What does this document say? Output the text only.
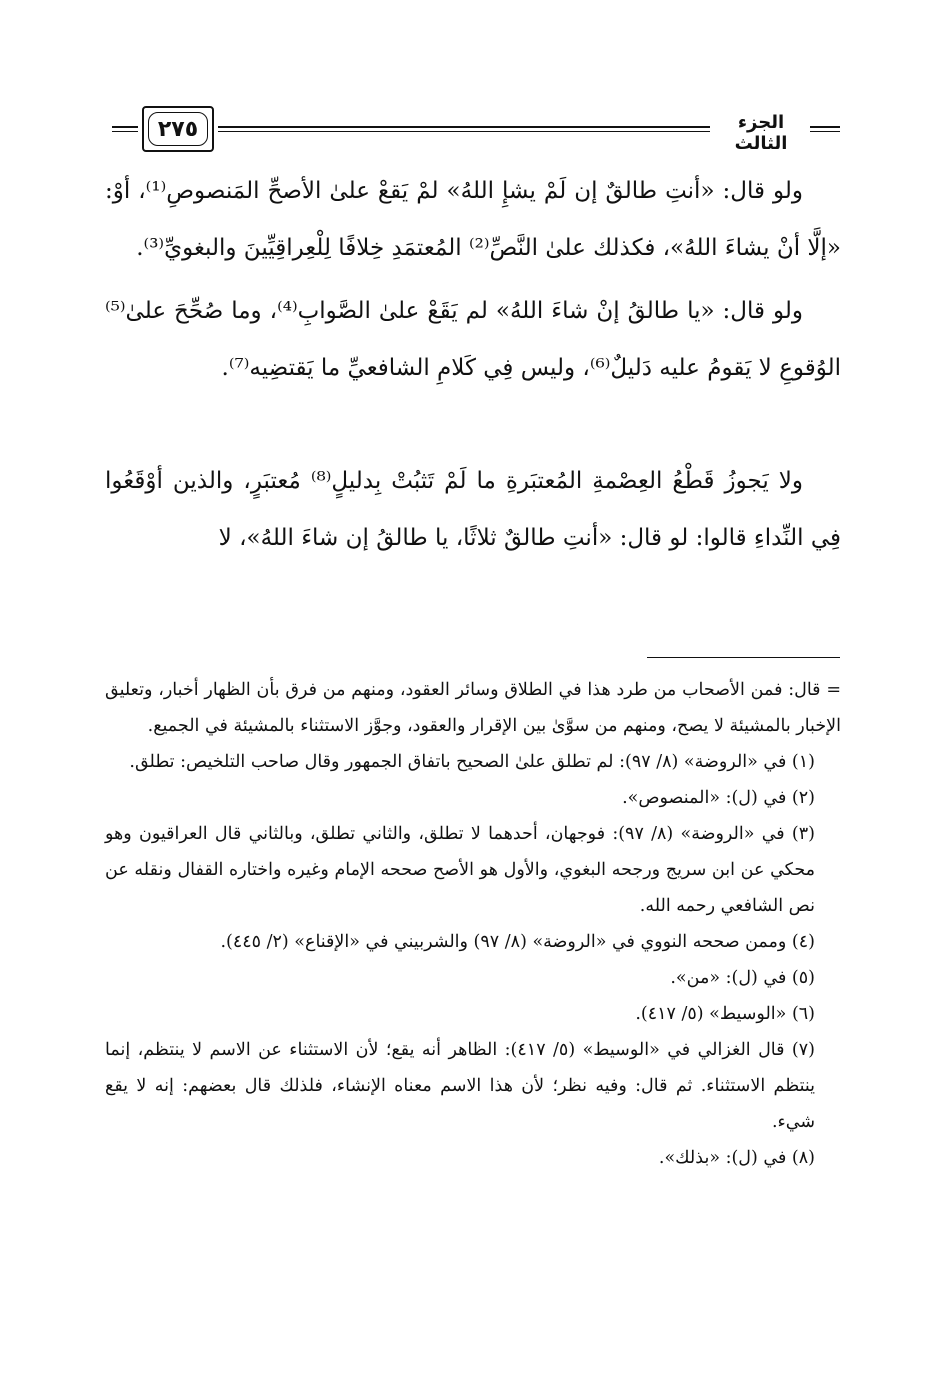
٢٧٥	الجزء الثالث

ولو قال: «أنتِ طالقٌ إن لَمْ يشإِ اللهُ» لمْ يَقعْ علىٰ الأصحِّ المَنصوصِ⁽¹⁾، أوْ: «إلَّا أنْ يشاءَ اللهُ»، فكذلك علىٰ النَّصِّ⁽²⁾ المُعتمَدِ خِلافًا لِلْعِراقِيِّينَ والبغويِّ⁽³⁾.

ولو قال: «يا طالقُ إنْ شاءَ اللهُ» لم يَقَعْ علىٰ الصَّوابِ⁽⁴⁾، وما صُحِّحَ علىٰ⁽⁵⁾ الوُقوعِ لا يَقومُ عليه دَليلٌ⁽⁶⁾، وليس فِي كَلامِ الشافعيِّ ما يَقتضِيه⁽⁷⁾.

ولا يَجوزُ قَطْعُ العِصْمةِ المُعتبَرةِ ما لَمْ تَثبُتْ بِدليلٍ⁽⁸⁾ مُعتبَرٍ، والذين أوْقَعُوا فِي النِّداءِ قالوا: لو قال: «أنتِ طالقٌ ثلاثًا، يا طالقُ إن شاءَ اللهُ»، لا

= قال: فمن الأصحاب من طرد هذا في الطلاق وسائر العقود، ومنهم من فرق بأن الظهار أخبار، وتعليق الإخبار بالمشيئة لا يصح، ومنهم من سوَّىٰ بين الإقرار والعقود، وجوَّز الاستثناء بالمشيئة في الجميع.

(١) في «الروضة» (٨/ ٩٧): لم تطلق علىٰ الصحيح باتفاق الجمهور وقال صاحب التلخيص: تطلق.

(٢) في (ل): «المنصوص».

(٣) في «الروضة» (٨/ ٩٧): فوجهان، أحدهما لا تطلق، والثاني تطلق، وبالثاني قال العراقيون وهو محكي عن ابن سريج ورجحه البغوي، والأول هو الأصح صححه الإمام وغيره واختاره القفال ونقله عن نص الشافعي رحمه الله.

(٤) وممن صححه النووي في «الروضة» (٨/ ٩٧) والشربيني في «الإقناع» (٢/ ٤٤٥).

(٥) في (ل): «من».

(٦) «الوسيط» (٥/ ٤١٧).

(٧) قال الغزالي في «الوسيط» (٥/ ٤١٧): الظاهر أنه يقع؛ لأن الاستثناء عن الاسم لا ينتظم، إنما ينتظم الاستثناء. ثم قال: وفيه نظر؛ لأن هذا الاسم معناه الإنشاء، فلذلك قال بعضهم: إنه لا يقع شيء.

(٨) في (ل): «بذلك».
